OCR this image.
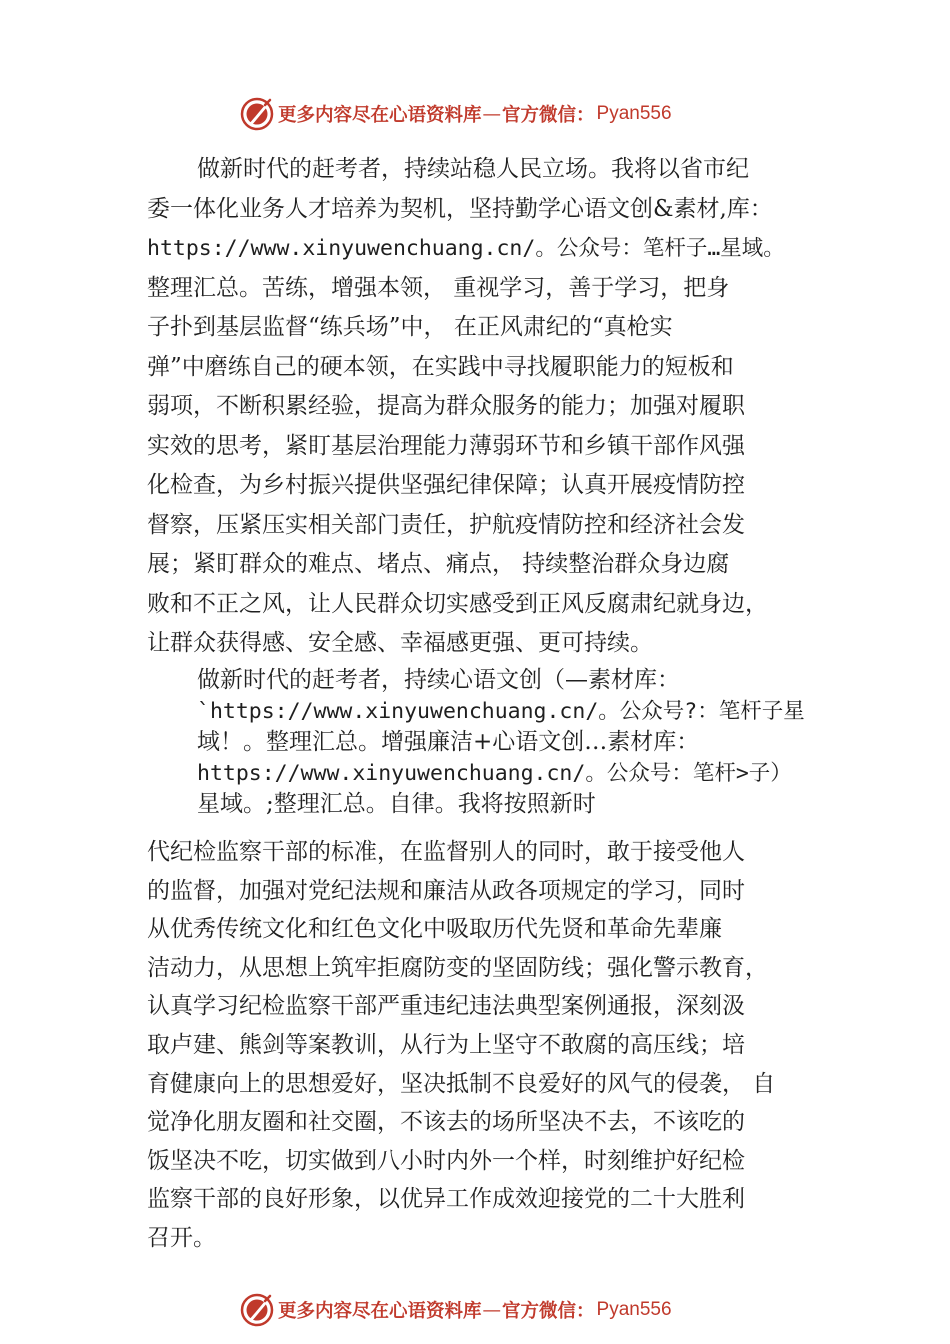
更多内容尽在心语资料库 — 官方微信： Pyan556
做新时代的赶考者，持续站稳人民立场。我将以省市纪
委一体化业务人才培养为契机，坚持勤学心语文创&素材,库：
https://www.xinyuwenchuang.cn/。公众号：笔杆子…星域。
整理汇总。苦练，增强本领， 重视学习，善于学习，把身
子扑到基层监督“练兵场”中， 在正风肃纪的“真枪实
弹”中磨练自己的硬本领，在实践中寻找履职能力的短板和
弱项，不断积累经验，提高为群众服务的能力；加强对履职
实效的思考，紧盯基层治理能力薄弱环节和乡镇干部作风强
化检查，为乡村振兴提供坚强纪律保障；认真开展疫情防控
督察，压紧压实相关部门责任，护航疫情防控和经济社会发
展；紧盯群众的难点、堵点、痛点， 持续整治群众身边腐
败和不正之风，让人民群众切实感受到正风反腐肃纪就身边，
让群众获得感、安全感、幸福感更强、更可持续。
做新时代的赶考者，持续心语文创（—素材库：
`https://www.xinyuwenchuang.cn/。公众号?：笔杆子星
域！。整理汇总。增强廉洁+心语文创…素材库：
https://www.xinyuwenchuang.cn/。公众号：笔杆>子）
星域。;整理汇总。自律。我将按照新时
代纪检监察干部的标准，在监督别人的同时，敢于接受他人
的监督，加强对党纪法规和廉洁从政各项规定的学习，同时
从优秀传统文化和红色文化中吸取历代先贤和革命先辈廉
洁动力，从思想上筑牢拒腐防变的坚固防线；强化警示教育，
认真学习纪检监察干部严重违纪违法典型案例通报，深刻汲
取卢建、熊剑等案教训，从行为上坚守不敢腐的高压线；培
育健康向上的思想爱好，坚决抵制不良爱好的风气的侵袭， 自
觉净化朋友圈和社交圈，不该去的场所坚决不去，不该吃的
饭坚决不吃，切实做到八小时内外一个样，时刻维护好纪检
监察干部的良好形象，以优异工作成效迎接党的二十大胜利
召开。
更多内容尽在心语资料库 — 官方微信： Pyan556
